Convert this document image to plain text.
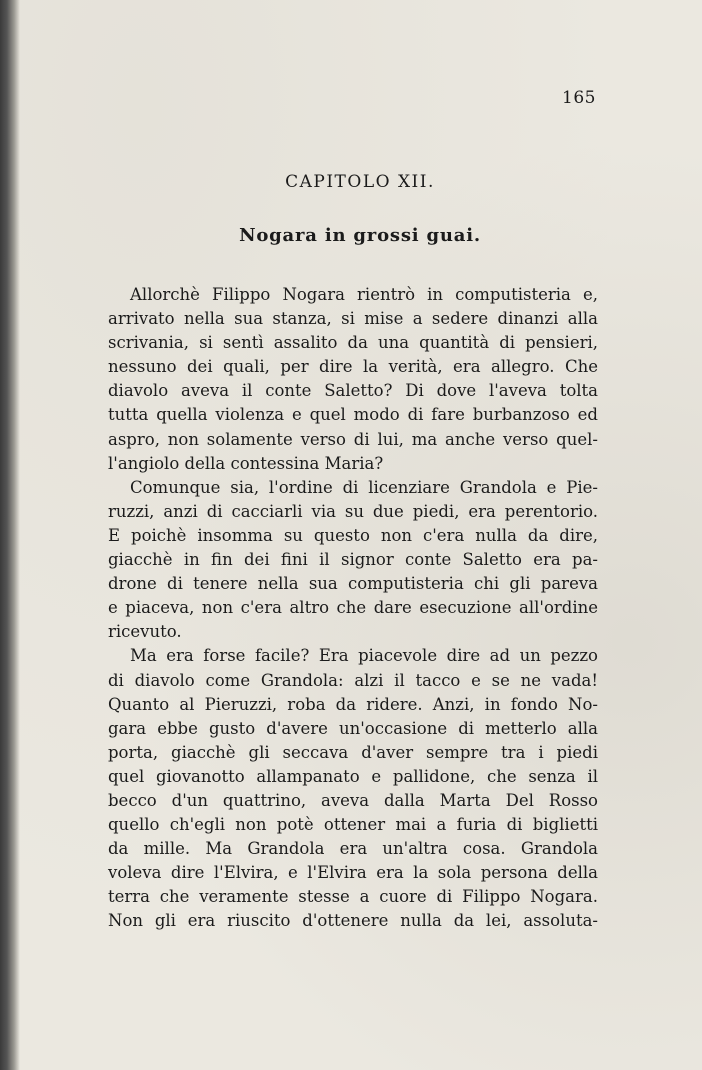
165
CAPITOLO XII.
Nogara in grossi guai.
Allorchè Filippo Nogara rientrò in computisteria e,
arrivato nella sua stanza, si mise a sedere dinanzi alla
scrivania, si sentì assalito da una quantità di pensieri,
nessuno dei quali, per dire la verità, era allegro. Che
diavolo aveva il conte Saletto? Di dove l'aveva tolta
tutta quella violenza e quel modo di fare burbanzoso ed
aspro, non solamente verso di lui, ma anche verso quel-
l'angiolo della contessina Maria?
Comunque sia, l'ordine di licenziare Grandola e Pie-
ruzzi, anzi di cacciarli via su due piedi, era perentorio.
E poichè insomma su questo non c'era nulla da dire,
giacchè in fin dei fini il signor conte Saletto era pa-
drone di tenere nella sua computisteria chi gli pareva
e piaceva, non c'era altro che dare esecuzione all'ordine
ricevuto.
Ma era forse facile? Era piacevole dire ad un pezzo
di diavolo come Grandola: alzi il tacco e se ne vada!
Quanto al Pieruzzi, roba da ridere. Anzi, in fondo No-
gara ebbe gusto d'avere un'occasione di metterlo alla
porta, giacchè gli seccava d'aver sempre tra i piedi
quel giovanotto allampanato e pallidone, che senza il
becco d'un quattrino, aveva dalla Marta Del Rosso
quello ch'egli non potè ottener mai a furia di biglietti
da mille. Ma Grandola era un'altra cosa. Grandola
voleva dire l'Elvira, e l'Elvira era la sola persona della
terra che veramente stesse a cuore di Filippo Nogara.
Non gli era riuscito d'ottenere nulla da lei, assoluta-
